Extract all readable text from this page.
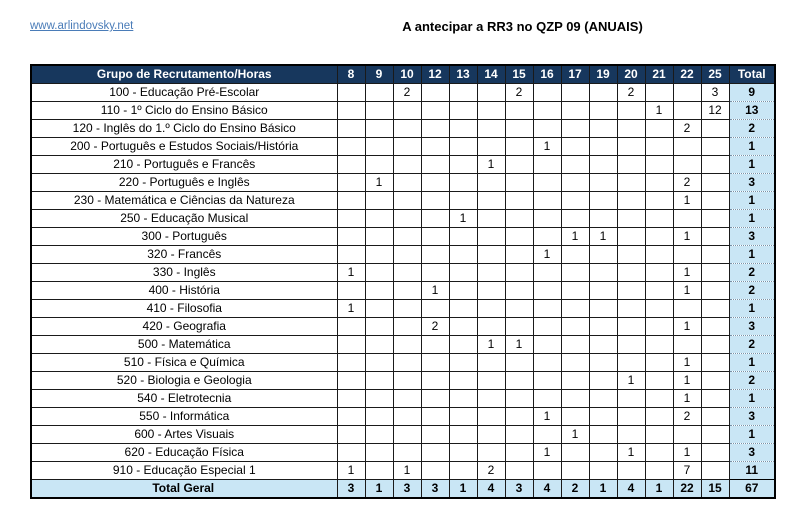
www.arlindovsky.net	A antecipar a RR3 no QZP 09 (ANUAIS)
Grupo de Recrutamento/Horas	8	9	10	12	13	14	15	16	17	19	20	21	22	25	Total
100 - Educação Pré-Escolar			2				2				2			3	9
110 - 1º Ciclo do Ensino Básico												1		12	13
120 - Inglês do 1.º Ciclo do Ensino Básico													2		2
200 - Português e Estudos Sociais/História								1							1
210 - Português e Francês						1									1
220 - Português e Inglês		1											2		3
230 - Matemática e Ciências da Natureza													1		1
250 - Educação Musical					1										1
300 - Português									1	1			1		3
320 - Francês								1							1
330 - Inglês	1												1		2
400 - História				1									1		2
410 - Filosofia	1														1
420 - Geografia				2									1		3
500 - Matemática						1	1								2
510 - Física e Química													1		1
520 - Biologia e Geologia											1		1		2
540 - Eletrotecnia													1		1
550 - Informática								1					2		3
600 - Artes Visuais									1						1
620 - Educação Física								1			1		1		3
910 - Educação Especial 1	1		1			2							7		11
Total Geral	3	1	3	3	1	4	3	4	2	1	4	1	22	15	67
